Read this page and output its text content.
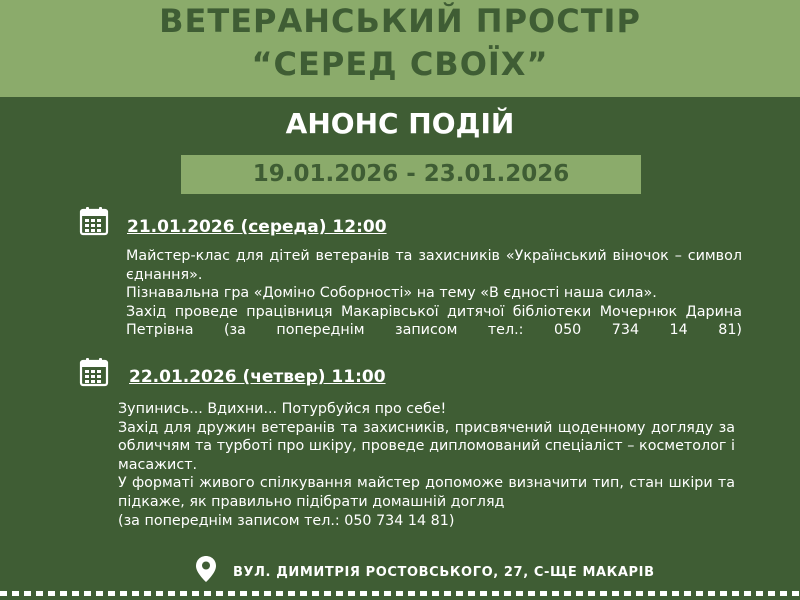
ВЕТЕРАНСЬКИЙ ПРОСТІР
“СЕРЕД СВОЇХ”
АНОНС ПОДІЙ
19.01.2026 - 23.01.2026
21.01.2026 (середа) 12:00
Майстер-клас для дітей ветеранів та захисників «Український віночок – символ єднання».
Пізнавальна гра «Доміно Соборності» на тему «В єдності наша сила».
Захід проведе працівниця Макарівської дитячої бібліотеки Мочернюк Дарина Петрівна (за попереднім записом тел.: 050 734 14 81)
22.01.2026 (четвер) 11:00
Зупинись... Вдихни... Потурбуйся про себе!
Захід для дружин ветеранів та захисників, присвячений щоденному догляду за обличчям та турботі про шкіру, проведе дипломований спеціаліст – косметолог і масажист.
У форматі живого спілкування майстер допоможе визначити тип, стан шкіри та підкаже, як правильно підібрати домашній догляд
(за попереднім записом тел.: 050 734 14 81)
ВУЛ. ДИМИТРІЯ РОСТОВСЬКОГО, 27, С-ЩЕ МАКАРІВ
